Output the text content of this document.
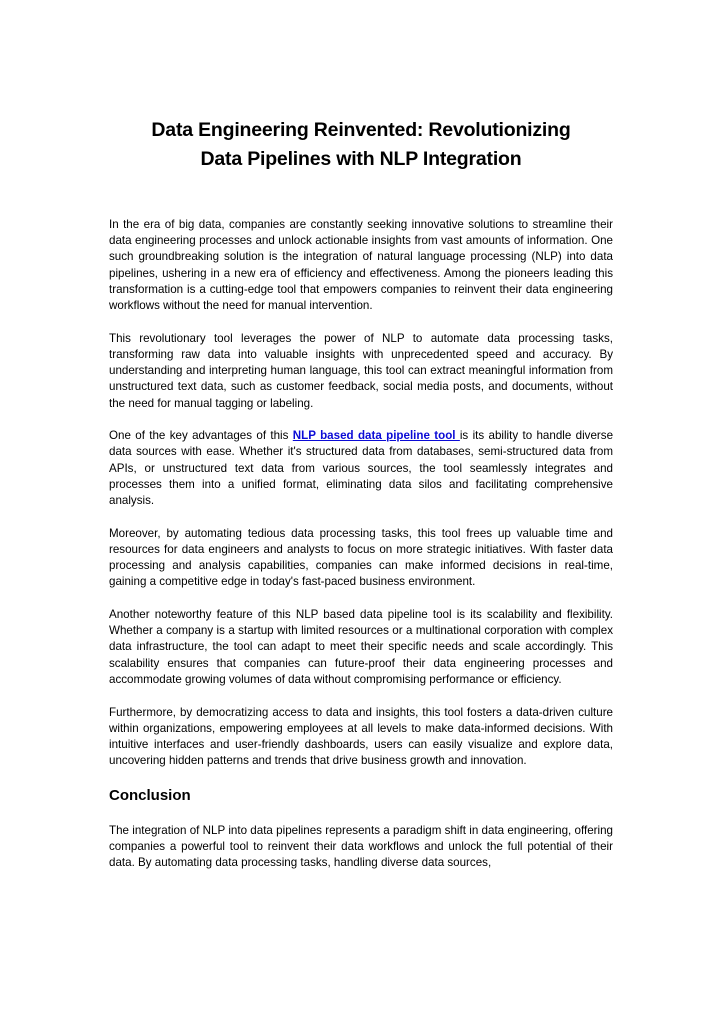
Data Engineering Reinvented: Revolutionizing
Data Pipelines with NLP Integration

In the era of big data, companies are constantly seeking innovative solutions to streamline their data engineering processes and unlock actionable insights from vast amounts of information. One such groundbreaking solution is the integration of natural language processing (NLP) into data pipelines, ushering in a new era of efficiency and effectiveness. Among the pioneers leading this transformation is a cutting-edge tool that empowers companies to reinvent their data engineering workflows without the need for manual intervention.

This revolutionary tool leverages the power of NLP to automate data processing tasks, transforming raw data into valuable insights with unprecedented speed and accuracy. By understanding and interpreting human language, this tool can extract meaningful information from unstructured text data, such as customer feedback, social media posts, and documents, without the need for manual tagging or labeling.

One of the key advantages of this NLP based data pipeline tool is its ability to handle diverse data sources with ease. Whether it's structured data from databases, semi-structured data from APIs, or unstructured text data from various sources, the tool seamlessly integrates and processes them into a unified format, eliminating data silos and facilitating comprehensive analysis.

Moreover, by automating tedious data processing tasks, this tool frees up valuable time and resources for data engineers and analysts to focus on more strategic initiatives. With faster data processing and analysis capabilities, companies can make informed decisions in real-time, gaining a competitive edge in today's fast-paced business environment.

Another noteworthy feature of this NLP based data pipeline tool is its scalability and flexibility. Whether a company is a startup with limited resources or a multinational corporation with complex data infrastructure, the tool can adapt to meet their specific needs and scale accordingly. This scalability ensures that companies can future-proof their data engineering processes and accommodate growing volumes of data without compromising performance or efficiency.

Furthermore, by democratizing access to data and insights, this tool fosters a data-driven culture within organizations, empowering employees at all levels to make data-informed decisions. With intuitive interfaces and user-friendly dashboards, users can easily visualize and explore data, uncovering hidden patterns and trends that drive business growth and innovation.

Conclusion

The integration of NLP into data pipelines represents a paradigm shift in data engineering, offering companies a powerful tool to reinvent their data workflows and unlock the full potential of their data. By automating data processing tasks, handling diverse data sources,
